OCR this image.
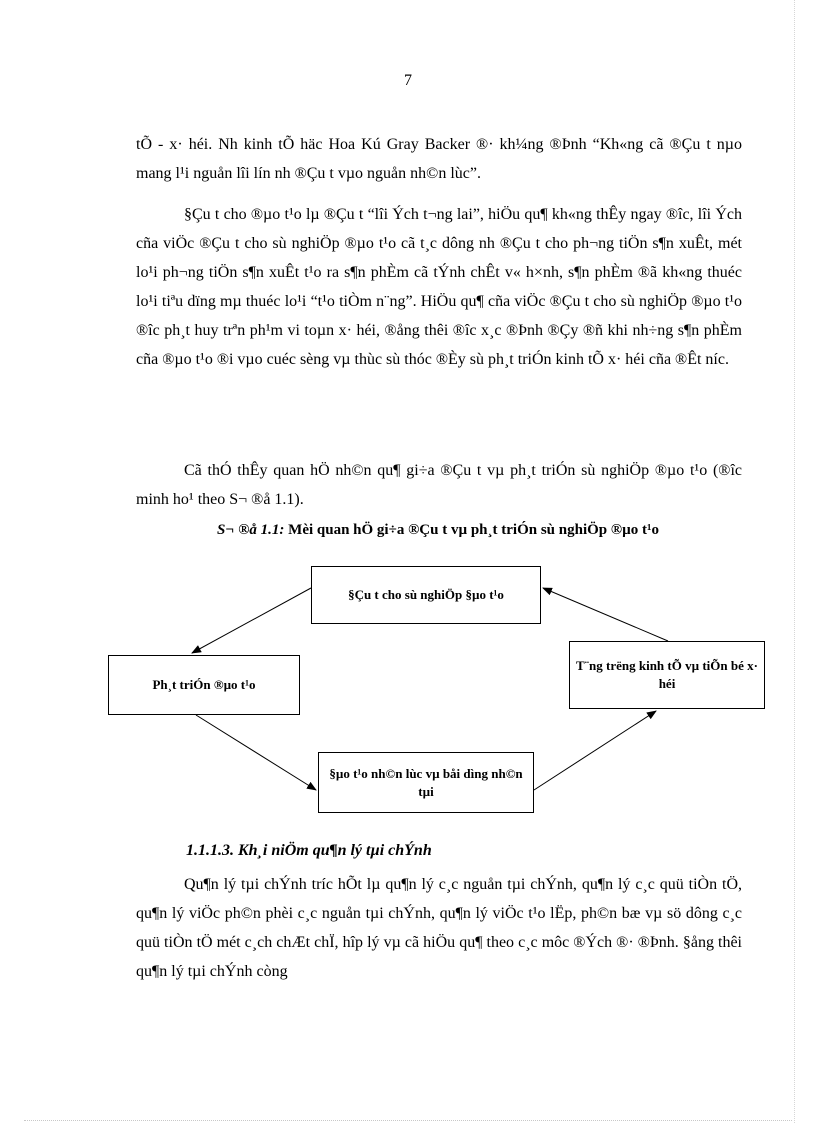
7

tÕ - x· héi. Nh kinh tÕ häc Hoa Kú Gray Backer ®· kh¼ng ®Þnh “Kh«ng cã ®Çu t nµo mang l¹i nguån lîi lín nh ®Çu t vµo nguån nh©n lùc”.

§Çu t cho ®µo t¹o lµ ®Çu t “lîi Ých t¬ng lai”, hiÖu qu¶ kh«ng thÊy ngay ®îc, lîi Ých cña viÖc ®Çu t cho sù nghiÖp ®µo t¹o cã t¸c dông nh ®Çu t cho ph¬ng tiÖn s¶n xuÊt, mét lo¹i ph¬ng tiÖn s¶n xuÊt t¹o ra s¶n phÈm cã tÝnh chÊt v« h×nh, s¶n phÈm ®ã kh«ng thuéc lo¹i tiªu dïng mµ thuéc lo¹i “t¹o tiÒm n¨ng”. HiÖu qu¶ cña viÖc ®Çu t cho sù nghiÖp ®µo t¹o ®îc ph¸t huy trªn ph¹m vi toµn x· héi, ®ång thêi ®îc x¸c ®Þnh ®Çy ®ñ khi nh÷ng s¶n phÈm cña ®µo t¹o ®i vµo cuéc sèng vµ thùc sù thóc ®Èy sù ph¸t triÓn kinh tÕ x· héi cña ®Êt níc.

Cã thÓ thÊy quan hÖ nh©n qu¶ gi÷a ®Çu t vµ ph¸t triÓn sù nghiÖp ®µo t¹o (®îc minh ho¹ theo S¬ ®å 1.1).

S¬ ®å 1.1: Mèi quan hÖ gi÷a ®Çu t vµ ph¸t triÓn sù nghiÖp ®µo t¹o
§Çu t cho sù nghiÖp §µo t¹o
Ph¸t triÓn ®µo t¹o
T¨ng trëng kinh tÕ vµ tiÕn bé x· héi
§µo t¹o nh©n lùc vµ båi dìng nh©n tµi
1.1.1.3. Kh¸i niÖm qu¶n lý tµi chÝnh

Qu¶n lý tµi chÝnh tríc hÕt lµ qu¶n lý c¸c nguån tµi chÝnh, qu¶n lý c¸c quü tiÒn tÖ, qu¶n lý viÖc ph©n phèi c¸c nguån tµi chÝnh, qu¶n lý viÖc t¹o lËp, ph©n bæ vµ sö dông c¸c quü tiÒn tÖ mét c¸ch chÆt chÏ, hîp lý vµ cã hiÖu qu¶ theo c¸c môc ®Ých ®· ®Þnh. §ång thêi qu¶n lý tµi chÝnh còng
